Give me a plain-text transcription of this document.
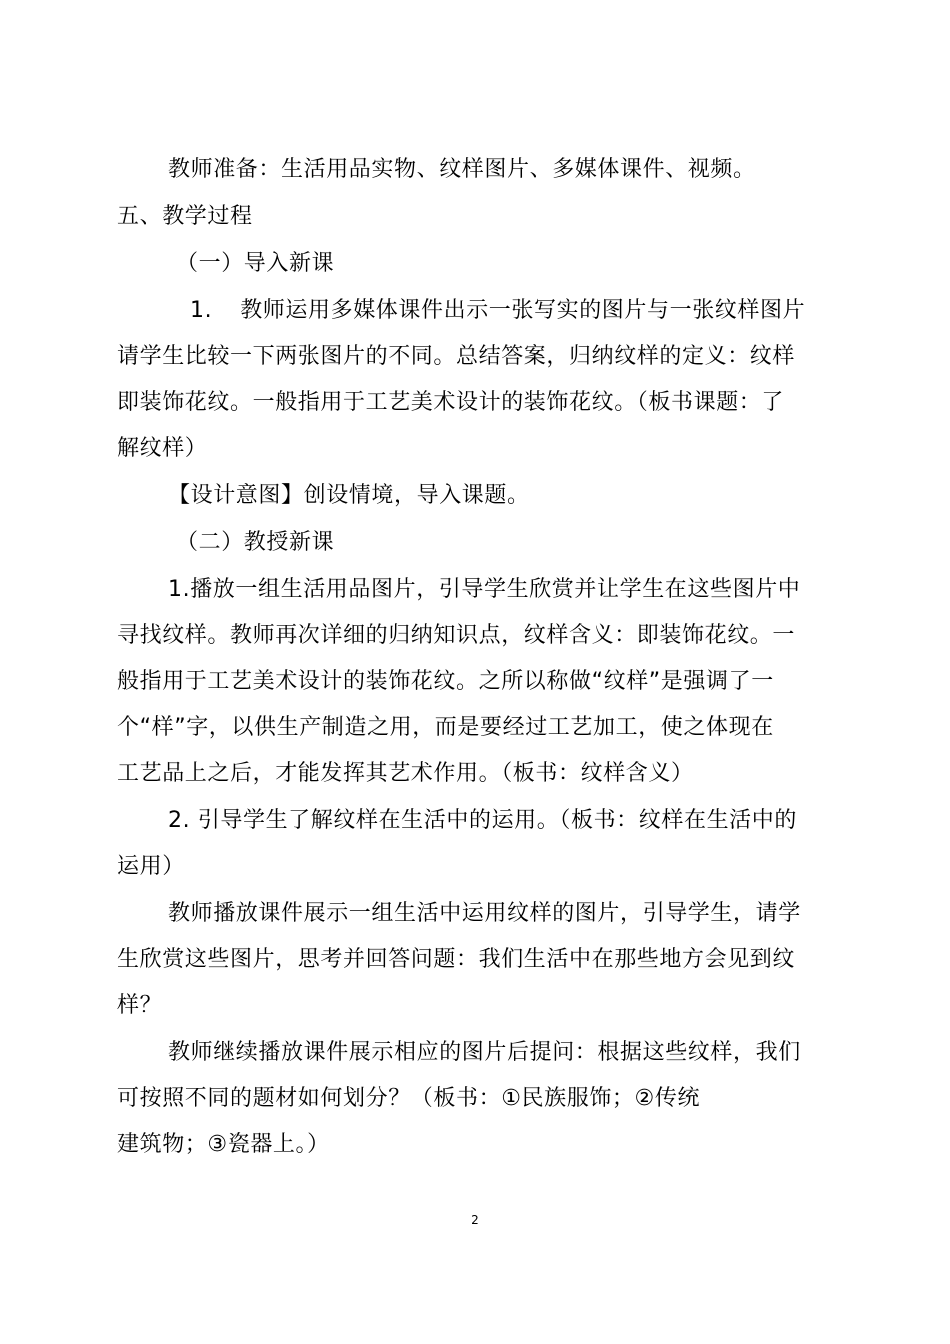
教师准备：生活用品实物、纹样图片、多媒体课件、视频。
五、教学过程
（一）导入新课
1. 教师运用多媒体课件出示一张写实的图片与一张纹样图片
请学生比较一下两张图片的不同。总结答案，归纳纹样的定义：纹样
即装饰花纹。一般指用于工艺美术设计的装饰花纹。（板书课题：了
解纹样）
【设计意图】创设情境，导入课题。
（二）教授新课
1.播放一组生活用品图片，引导学生欣赏并让学生在这些图片中
寻找纹样。教师再次详细的归纳知识点，纹样含义：即装饰花纹。一
般指用于工艺美术设计的装饰花纹。之所以称做“纹样”是强调了一
个“样”字，以供生产制造之用，而是要经过工艺加工，使之体现在
工艺品上之后，才能发挥其艺术作用。（板书：纹样含义）
2. 引导学生了解纹样在生活中的运用。（板书：纹样在生活中的
运用）
教师播放课件展示一组生活中运用纹样的图片，引导学生，请学
生欣赏这些图片，思考并回答问题：我们生活中在那些地方会见到纹
样？
教师继续播放课件展示相应的图片后提问：根据这些纹样，我们
可按照不同的题材如何划分？（板书：①民族服饰；②传统
建筑物；③瓷器上。）
2
